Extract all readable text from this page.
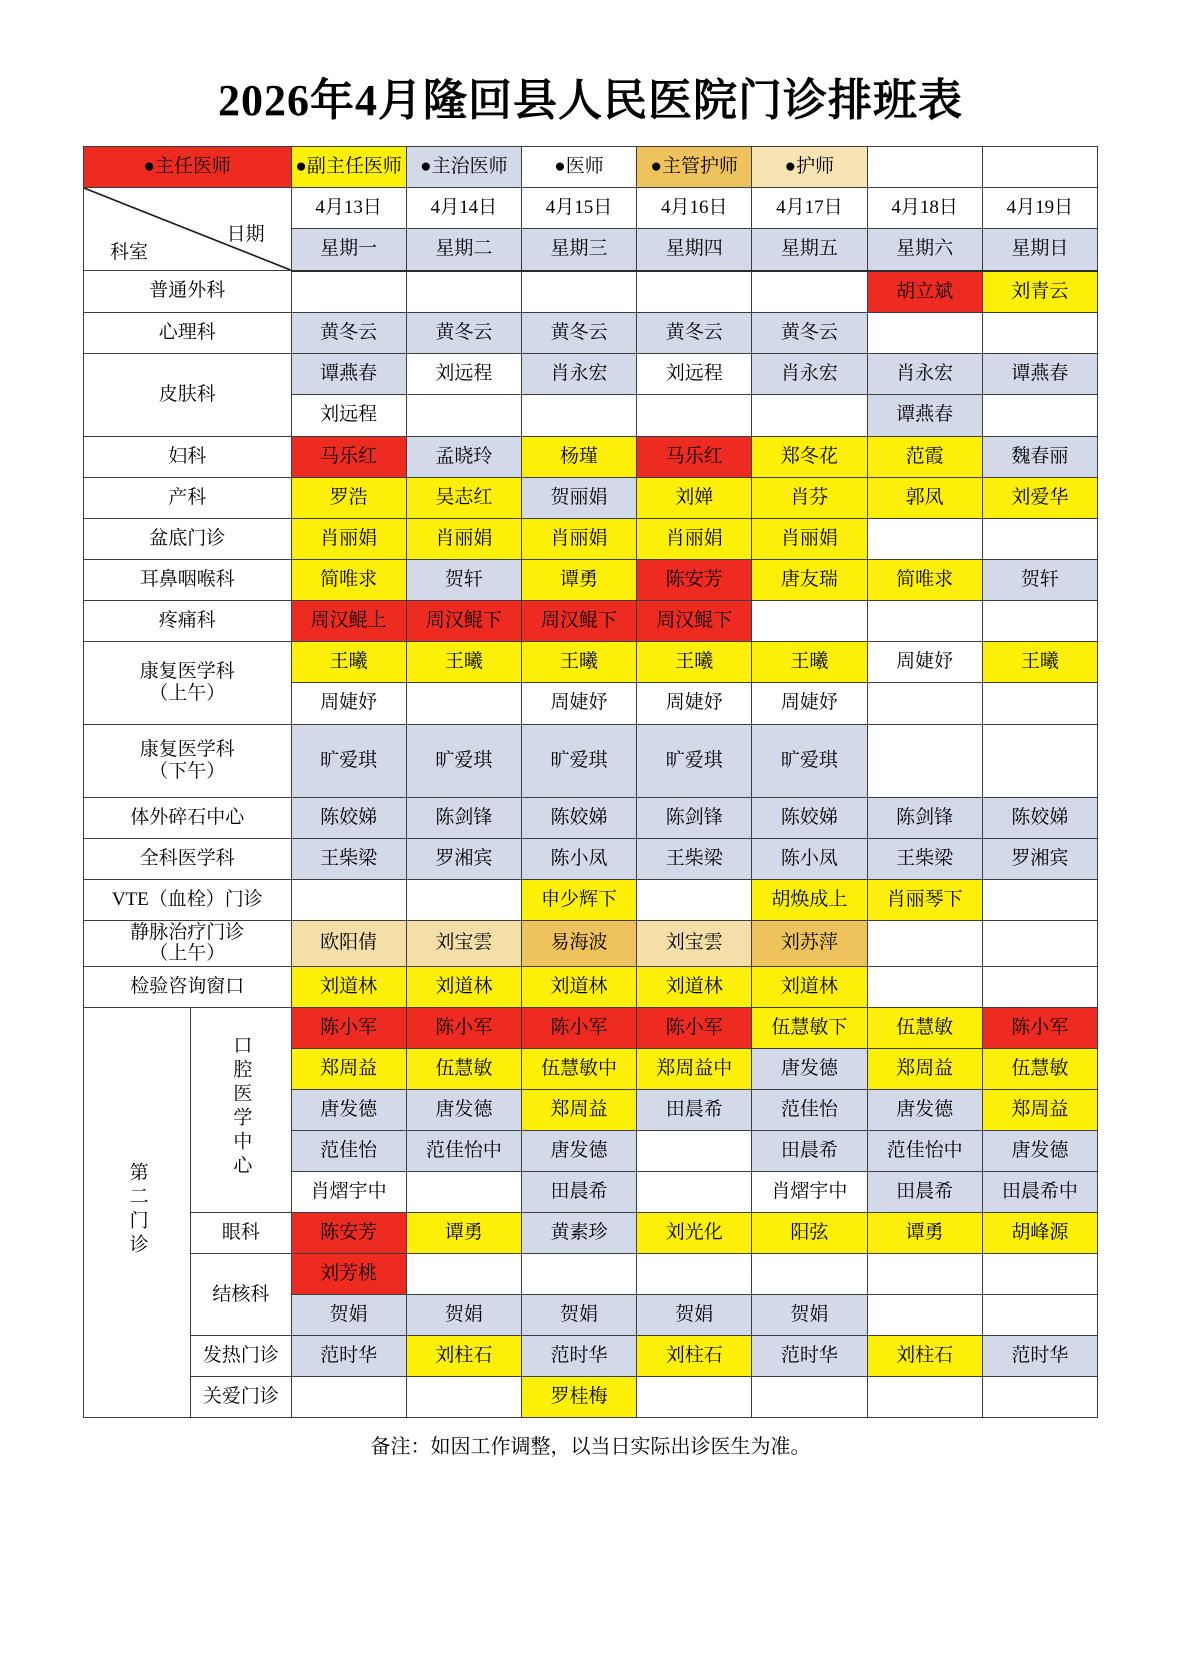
2026年4月隆回县人民医院门诊排班表
●主任医师		●副主任医师	●主治医师	●医师	●主管护师	●护师		

科室
日期		4月13日	4月14日	4月15日	4月16日	4月17日	4月18日	4月19日
		星期一	星期二	星期三	星期四	星期五	星期六	星期日

普通外科							胡立斌	刘青云

心理科		黄冬云	黄冬云	黄冬云	黄冬云	黄冬云		

皮肤科		谭燕春	刘远程	肖永宏	刘远程	肖永宏	肖永宏	谭燕春
		刘远程					谭燕春	

妇科		马乐红	孟晓玲	杨瑾	马乐红	郑冬花	范霞	魏春丽

产科		罗浩	吴志红	贺丽娟	刘婵	肖芬	郭凤	刘爱华

盆底门诊		肖丽娟	肖丽娟	肖丽娟	肖丽娟	肖丽娟		

耳鼻咽喉科		简唯求	贺轩	谭勇	陈安芳	唐友瑞	简唯求	贺轩

疼痛科		周汉鲲上	周汉鲲下	周汉鲲下	周汉鲲下			

康复医学科
（上午）		王曦	王曦	王曦	王曦	王曦	周婕妤	王曦
		周婕妤		周婕妤	周婕妤	周婕妤		

康复医学科
（下午）		旷爱琪	旷爱琪	旷爱琪	旷爱琪	旷爱琪		

体外碎石中心		陈姣娣	陈剑锋	陈姣娣	陈剑锋	陈姣娣	陈剑锋	陈姣娣

全科医学科		王柴梁	罗湘宾	陈小凤	王柴梁	陈小凤	王柴梁	罗湘宾

VTE（血栓）门诊				申少辉下		胡焕成上	肖丽琴下	

静脉治疗门诊
（上午）		欧阳倩	刘宝雲	易海波	刘宝雲	刘苏萍		

检验咨询窗口		刘道林	刘道林	刘道林	刘道林	刘道林		
第二门诊	口腔医学中心	陈小军	陈小军	陈小军	陈小军	伍慧敏下	伍慧敏	陈小军
		郑周益	伍慧敏	伍慧敏中	郑周益中	唐发德	郑周益	伍慧敏
		唐发德	唐发德	郑周益	田晨希	范佳怡	唐发德	郑周益
		范佳怡	范佳怡中	唐发德		田晨希	范佳怡中	唐发德
		肖熠宇中		田晨希		肖熠宇中	田晨希	田晨希中
	眼科	陈安芳	谭勇	黄素珍	刘光化	阳弦	谭勇	胡峰源
	结核科	刘芳桃						
		贺娟	贺娟	贺娟	贺娟	贺娟		
	发热门诊	范时华	刘柱石	范时华	刘柱石	范时华	刘柱石	范时华
	关爱门诊			罗桂梅				
备注：如因工作调整，以当日实际出诊医生为准。
